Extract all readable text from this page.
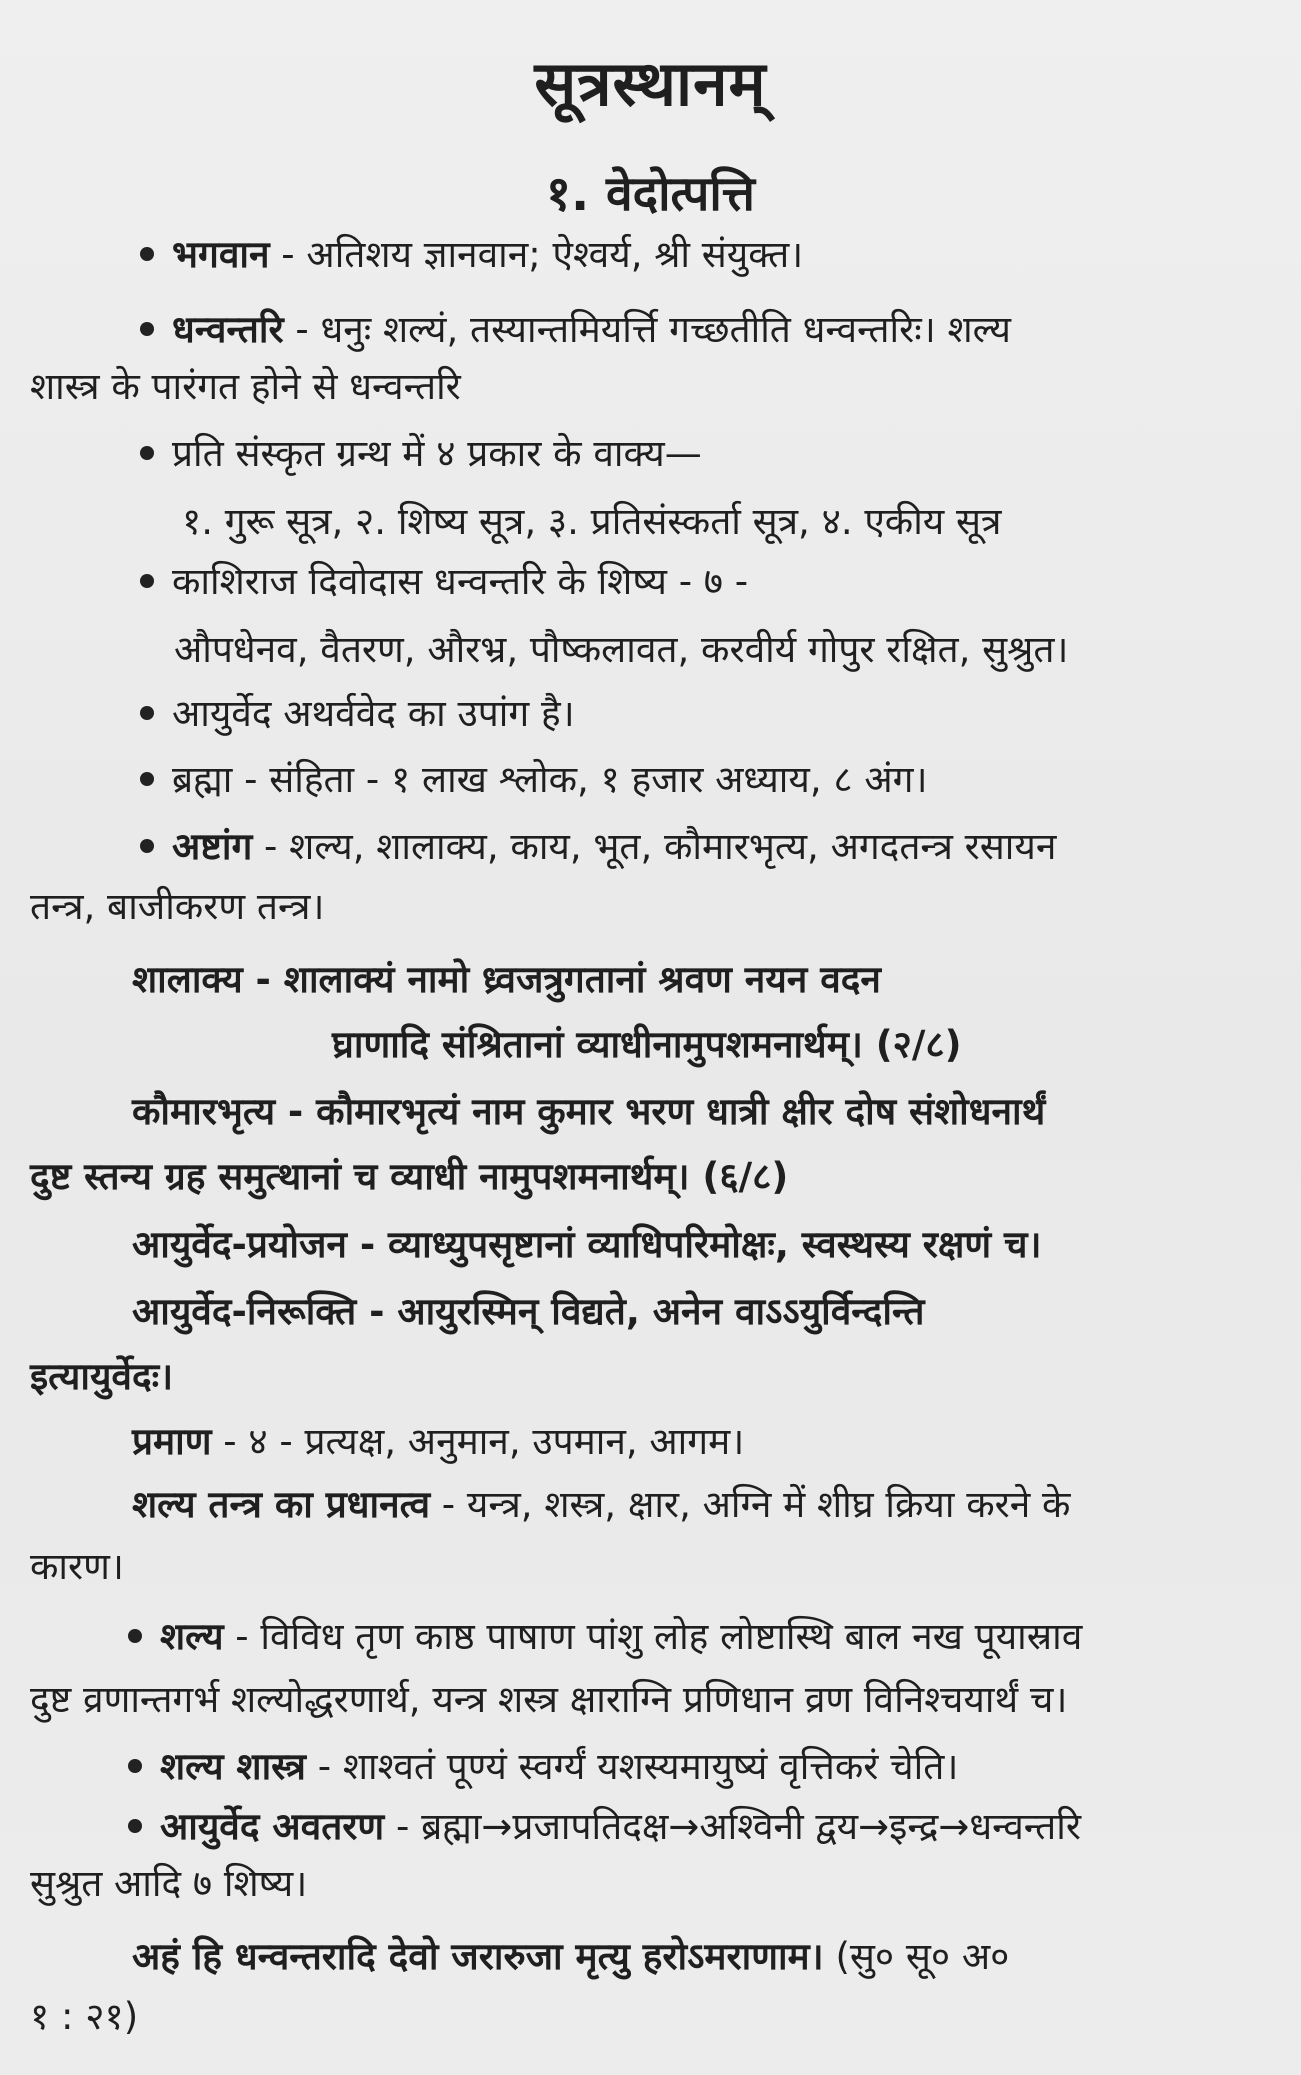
सूत्रस्थानम्
१. वेदोत्पत्ति
भगवान - अतिशय ज्ञानवान; ऐश्वर्य, श्री संयुक्त।
धन्वन्तरि - धनुः शल्यं, तस्यान्तमियर्त्ति गच्छतीति धन्वन्तरिः। शल्य
शास्त्र के पारंगत होने से धन्वन्तरि
प्रति संस्कृत ग्रन्थ में ४ प्रकार के वाक्य—
१. गुरू सूत्र, २. शिष्य सूत्र, ३. प्रतिसंस्कर्ता सूत्र, ४. एकीय सूत्र
काशिराज दिवोदास धन्वन्तरि के शिष्य - ७ -
औपधेनव, वैतरण, औरभ्र, पौष्कलावत, करवीर्य गोपुर रक्षित, सुश्रुत।
आयुर्वेद अथर्ववेद का उपांग है।
ब्रह्मा - संहिता - १ लाख श्लोक, १ हजार अध्याय, ८ अंग।
अष्टांग - शल्य, शालाक्य, काय, भूत, कौमारभृत्य, अगदतन्त्र रसायन
तन्त्र, बाजीकरण तन्त्र।
शालाक्य - शालाक्यं नामो ध्र्वजत्रुगतानां श्रवण नयन वदन
घ्राणादि संश्रितानां व्याधीनामुपशमनार्थम्। (२/८)
कौमारभृत्य - कौमारभृत्यं नाम कुमार भरण धात्री क्षीर दोष संशोधनार्थं
दुष्ट स्तन्य ग्रह समुत्थानां च व्याधी नामुपशमनार्थम्। (६/८)
आयुर्वेद-प्रयोजन - व्याध्युपसृष्टानां व्याधिपरिमोक्षः, स्वस्थस्य रक्षणं च।
आयुर्वेद-निरूक्ति - आयुरस्मिन् विद्यते, अनेन वाऽऽयुर्विन्दन्ति
इत्यायुर्वेदः।
प्रमाण - ४ - प्रत्यक्ष, अनुमान, उपमान, आगम।
शल्य तन्त्र का प्रधानत्व - यन्त्र, शस्त्र, क्षार, अग्नि में शीघ्र क्रिया करने के
कारण।
शल्य - विविध तृण काष्ठ पाषाण पांशु लोह लोष्टास्थि बाल नख पूयास्राव
दुष्ट व्रणान्तगर्भ शल्योद्धरणार्थ, यन्त्र शस्त्र क्षाराग्नि प्रणिधान व्रण विनिश्चयार्थं च।
शल्य शास्त्र - शाश्वतं पूण्यं स्वर्ग्यं यशस्यमायुष्यं वृत्तिकरं चेति।
आयुर्वेद अवतरण - ब्रह्मा→प्रजापतिदक्ष→अश्विनी द्वय→इन्द्र→धन्वन्तरि
सुश्रुत आदि ७ शिष्य।
अहं हि धन्वन्तरादि देवो जरारुजा मृत्यु हरोऽमराणाम। (सु० सू० अ०
१ : २१)
